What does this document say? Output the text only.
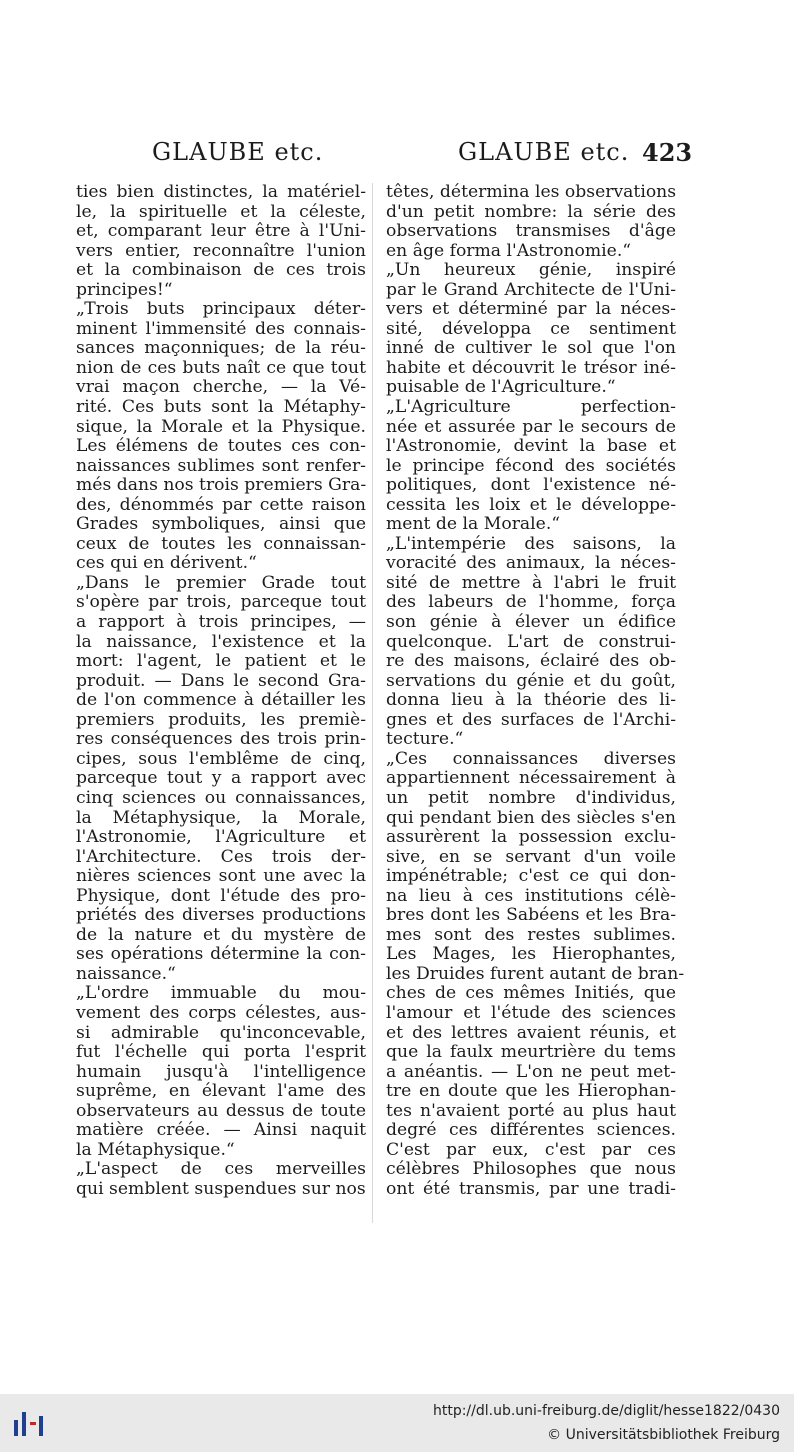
GLAUBE etc.	GLAUBE etc. 423
ties bien distinctes, la matériel-
le, la spirituelle et la céleste,
et, comparant leur être à l'Uni-
vers entier, reconnaître l'union
et la combinaison de ces trois
principes!“
„Trois buts principaux déter-
minent l'immensité des connais-
sances maçonniques; de la réu-
nion de ces buts naît ce que tout
vrai maçon cherche, — la Vé-
rité. Ces buts sont la Métaphy-
sique, la Morale et la Physique.
Les élémens de toutes ces con-
naissances sublimes sont renfer-
més dans nos trois premiers Gra-
des, dénommés par cette raison
Grades symboliques, ainsi que
ceux de toutes les connaissan-
ces qui en dérivent.“
„Dans le premier Grade tout
s'opère par trois, parceque tout
a rapport à trois principes, —
la naissance, l'existence et la
mort: l'agent, le patient et le
produit. — Dans le second Gra-
de l'on commence à détailler les
premiers produits, les premiè-
res conséquences des trois prin-
cipes, sous l'emblême de cinq,
parceque tout y a rapport avec
cinq sciences ou connaissances,
la Métaphysique, la Morale,
l'Astronomie, l'Agriculture et
l'Architecture. Ces trois der-
nières sciences sont une avec la
Physique, dont l'étude des pro-
priétés des diverses productions
de la nature et du mystère de
ses opérations détermine la con-
naissance.“
„L'ordre immuable du mou-
vement des corps célestes, aus-
si admirable qu'inconcevable,
fut l'échelle qui porta l'esprit
humain jusqu'à l'intelligence
suprême, en élevant l'ame des
observateurs au dessus de toute
matière créée. — Ainsi naquit
la Métaphysique.“
„L'aspect de ces merveilles
qui semblent suspendues sur nos
têtes, détermina les observations
d'un petit nombre: la série des
observations transmises d'âge
en âge forma l'Astronomie.“
„Un heureux génie, inspiré
par le Grand Architecte de l'Uni-
vers et déterminé par la néces-
sité, développa ce sentiment
inné de cultiver le sol que l'on
habite et découvrit le trésor iné-
puisable de l'Agriculture.“
„L'Agriculture perfection-
née et assurée par le secours de
l'Astronomie, devint la base et
le principe fécond des sociétés
politiques, dont l'existence né-
cessita les loix et le développe-
ment de la Morale.“
„L'intempérie des saisons, la
voracité des animaux, la néces-
sité de mettre à l'abri le fruit
des labeurs de l'homme, força
son génie à élever un édifice
quelconque. L'art de construi-
re des maisons, éclairé des ob-
servations du génie et du goût,
donna lieu à la théorie des li-
gnes et des surfaces de l'Archi-
tecture.“
„Ces connaissances diverses
appartiennent nécessairement à
un petit nombre d'individus,
qui pendant bien des siècles s'en
assurèrent la possession exclu-
sive, en se servant d'un voile
impénétrable; c'est ce qui don-
na lieu à ces institutions célè-
bres dont les Sabéens et les Bra-
mes sont des restes sublimes.
Les Mages, les Hierophantes,
les Druides furent autant de bran-
ches de ces mêmes Initiés, que
l'amour et l'étude des sciences
et des lettres avaient réunis, et
que la faulx meurtrière du tems
a anéantis. — L'on ne peut met-
tre en doute que les Hierophan-
tes n'avaient porté au plus haut
degré ces différentes sciences.
C'est par eux, c'est par ces
célèbres Philosophes que nous
ont été transmis, par une tradi-
http://dl.ub.uni-freiburg.de/diglit/hesse1822/0430
© Universitätsbibliothek Freiburg
